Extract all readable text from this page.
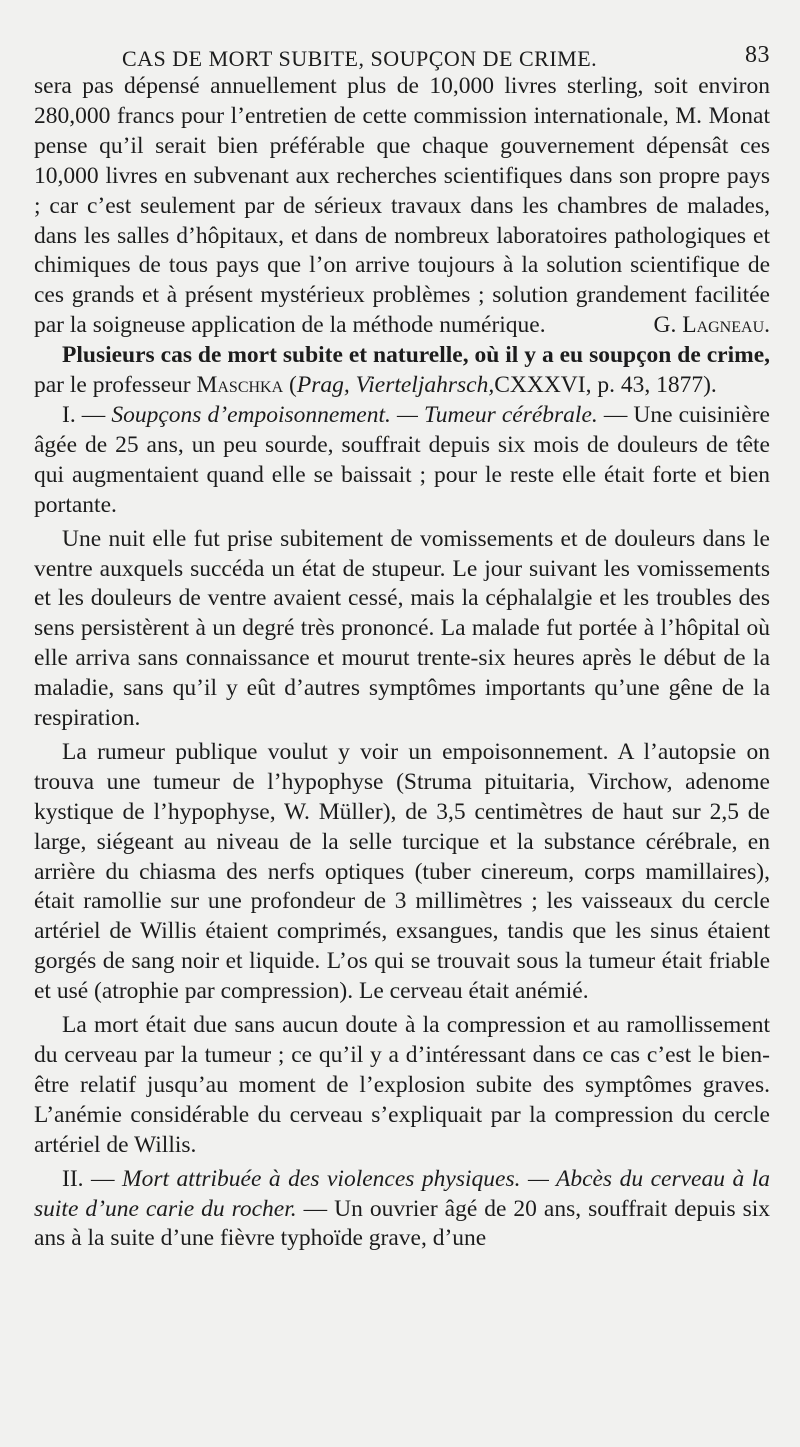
CAS DE MORT SUBITE, SOUPÇON DE CRIME.	83

sera pas dépensé annuellement plus de 10,000 livres sterling, soit environ 280,000 francs pour l’entretien de cette commission internationale, M. Monat pense qu’il serait bien préférable que chaque gouvernement dépensât ces 10,000 livres en subvenant aux recherches scientifiques dans son propre pays ; car c’est seulement par de sérieux travaux dans les chambres de malades, dans les salles d’hôpitaux, et dans de nombreux laboratoires pathologiques et chimiques de tous pays que l’on arrive toujours à la solution scientifique de ces grands et à présent mystérieux problèmes ; solution grandement facilitée par la soigneuse application de la méthode numérique.	G. Lagneau.

Plusieurs cas de mort subite et naturelle, où il y a eu soupçon de crime, par le professeur Maschka (Prag, Vierteljahrsch,CXXXVI, p. 43, 1877).

I. — Soupçons d’empoisonnement. — Tumeur cérébrale. — Une cuisinière âgée de 25 ans, un peu sourde, souffrait depuis six mois de douleurs de tête qui augmentaient quand elle se baissait ; pour le reste elle était forte et bien portante.

Une nuit elle fut prise subitement de vomissements et de douleurs dans le ventre auxquels succéda un état de stupeur. Le jour suivant les vomissements et les douleurs de ventre avaient cessé, mais la céphalalgie et les troubles des sens persistèrent à un degré très prononcé. La malade fut portée à l’hôpital où elle arriva sans connaissance et mourut trente-six heures après le début de la maladie, sans qu’il y eût d’autres symptômes importants qu’une gêne de la respiration.

La rumeur publique voulut y voir un empoisonnement. A l’autopsie on trouva une tumeur de l’hypophyse (Struma pituitaria, Virchow, adenome kystique de l’hypophyse, W. Müller), de 3,5 centimètres de haut sur 2,5 de large, siégeant au niveau de la selle turcique et la substance cérébrale, en arrière du chiasma des nerfs optiques (tuber cinereum, corps mamillaires), était ramollie sur une profondeur de 3 millimètres ; les vaisseaux du cercle artériel de Willis étaient comprimés, exsangues, tandis que les sinus étaient gorgés de sang noir et liquide. L’os qui se trouvait sous la tumeur était friable et usé (atrophie par compression). Le cerveau était anémié.

La mort était due sans aucun doute à la compression et au ramollissement du cerveau par la tumeur ; ce qu’il y a d’intéressant dans ce cas c’est le bien-être relatif jusqu’au moment de l’explosion subite des symptômes graves. L’anémie considérable du cerveau s’expliquait par la compression du cercle artériel de Willis.

II. — Mort attribuée à des violences physiques. — Abcès du cerveau à la suite d’une carie du rocher. — Un ouvrier âgé de 20 ans, souffrait depuis six ans à la suite d’une fièvre typhoïde grave, d’une
